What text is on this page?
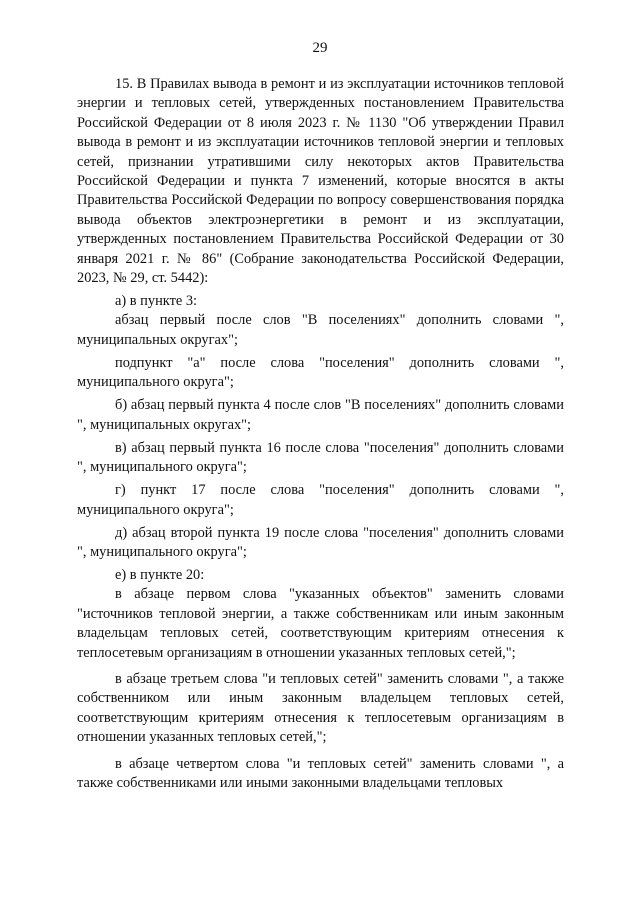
29

15. В Правилах вывода в ремонт и из эксплуатации источников тепловой энергии и тепловых сетей, утвержденных постановлением Правительства Российской Федерации от 8 июля 2023 г. № 1130 "Об утверждении Правил вывода в ремонт и из эксплуатации источников тепловой энергии и тепловых сетей, признании утратившими силу некоторых актов Правительства Российской Федерации и пункта 7 изменений, которые вносятся в акты Правительства Российской Федерации по вопросу совершенствования порядка вывода объектов электроэнергетики в ремонт и из эксплуатации, утвержденных постановлением Правительства Российской Федерации от 30 января 2021 г. № 86" (Собрание законодательства Российской Федерации, 2023, № 29, ст. 5442):

а) в пункте 3:

абзац первый после слов "В поселениях" дополнить словами ", муниципальных округах";

подпункт "а" после слова "поселения" дополнить словами ", муниципального округа";

б) абзац первый пункта 4 после слов "В поселениях" дополнить словами ", муниципальных округах";

в) абзац первый пункта 16 после слова "поселения" дополнить словами ", муниципального округа";

г) пункт 17 после слова "поселения" дополнить словами ", муниципального округа";

д) абзац второй пункта 19 после слова "поселения" дополнить словами ", муниципального округа";

е) в пункте 20:

в абзаце первом слова "указанных объектов" заменить словами "источников тепловой энергии, а также собственникам или иным законным владельцам тепловых сетей, соответствующим критериям отнесения к теплосетевым организациям в отношении указанных тепловых сетей,";

в абзаце третьем слова "и тепловых сетей" заменить словами ", а также собственником или иным законным владельцем тепловых сетей, соответствующим критериям отнесения к теплосетевым организациям в отношении указанных тепловых сетей,";

в абзаце четвертом слова "и тепловых сетей" заменить словами ", а также собственниками или иными законными владельцами тепловых
